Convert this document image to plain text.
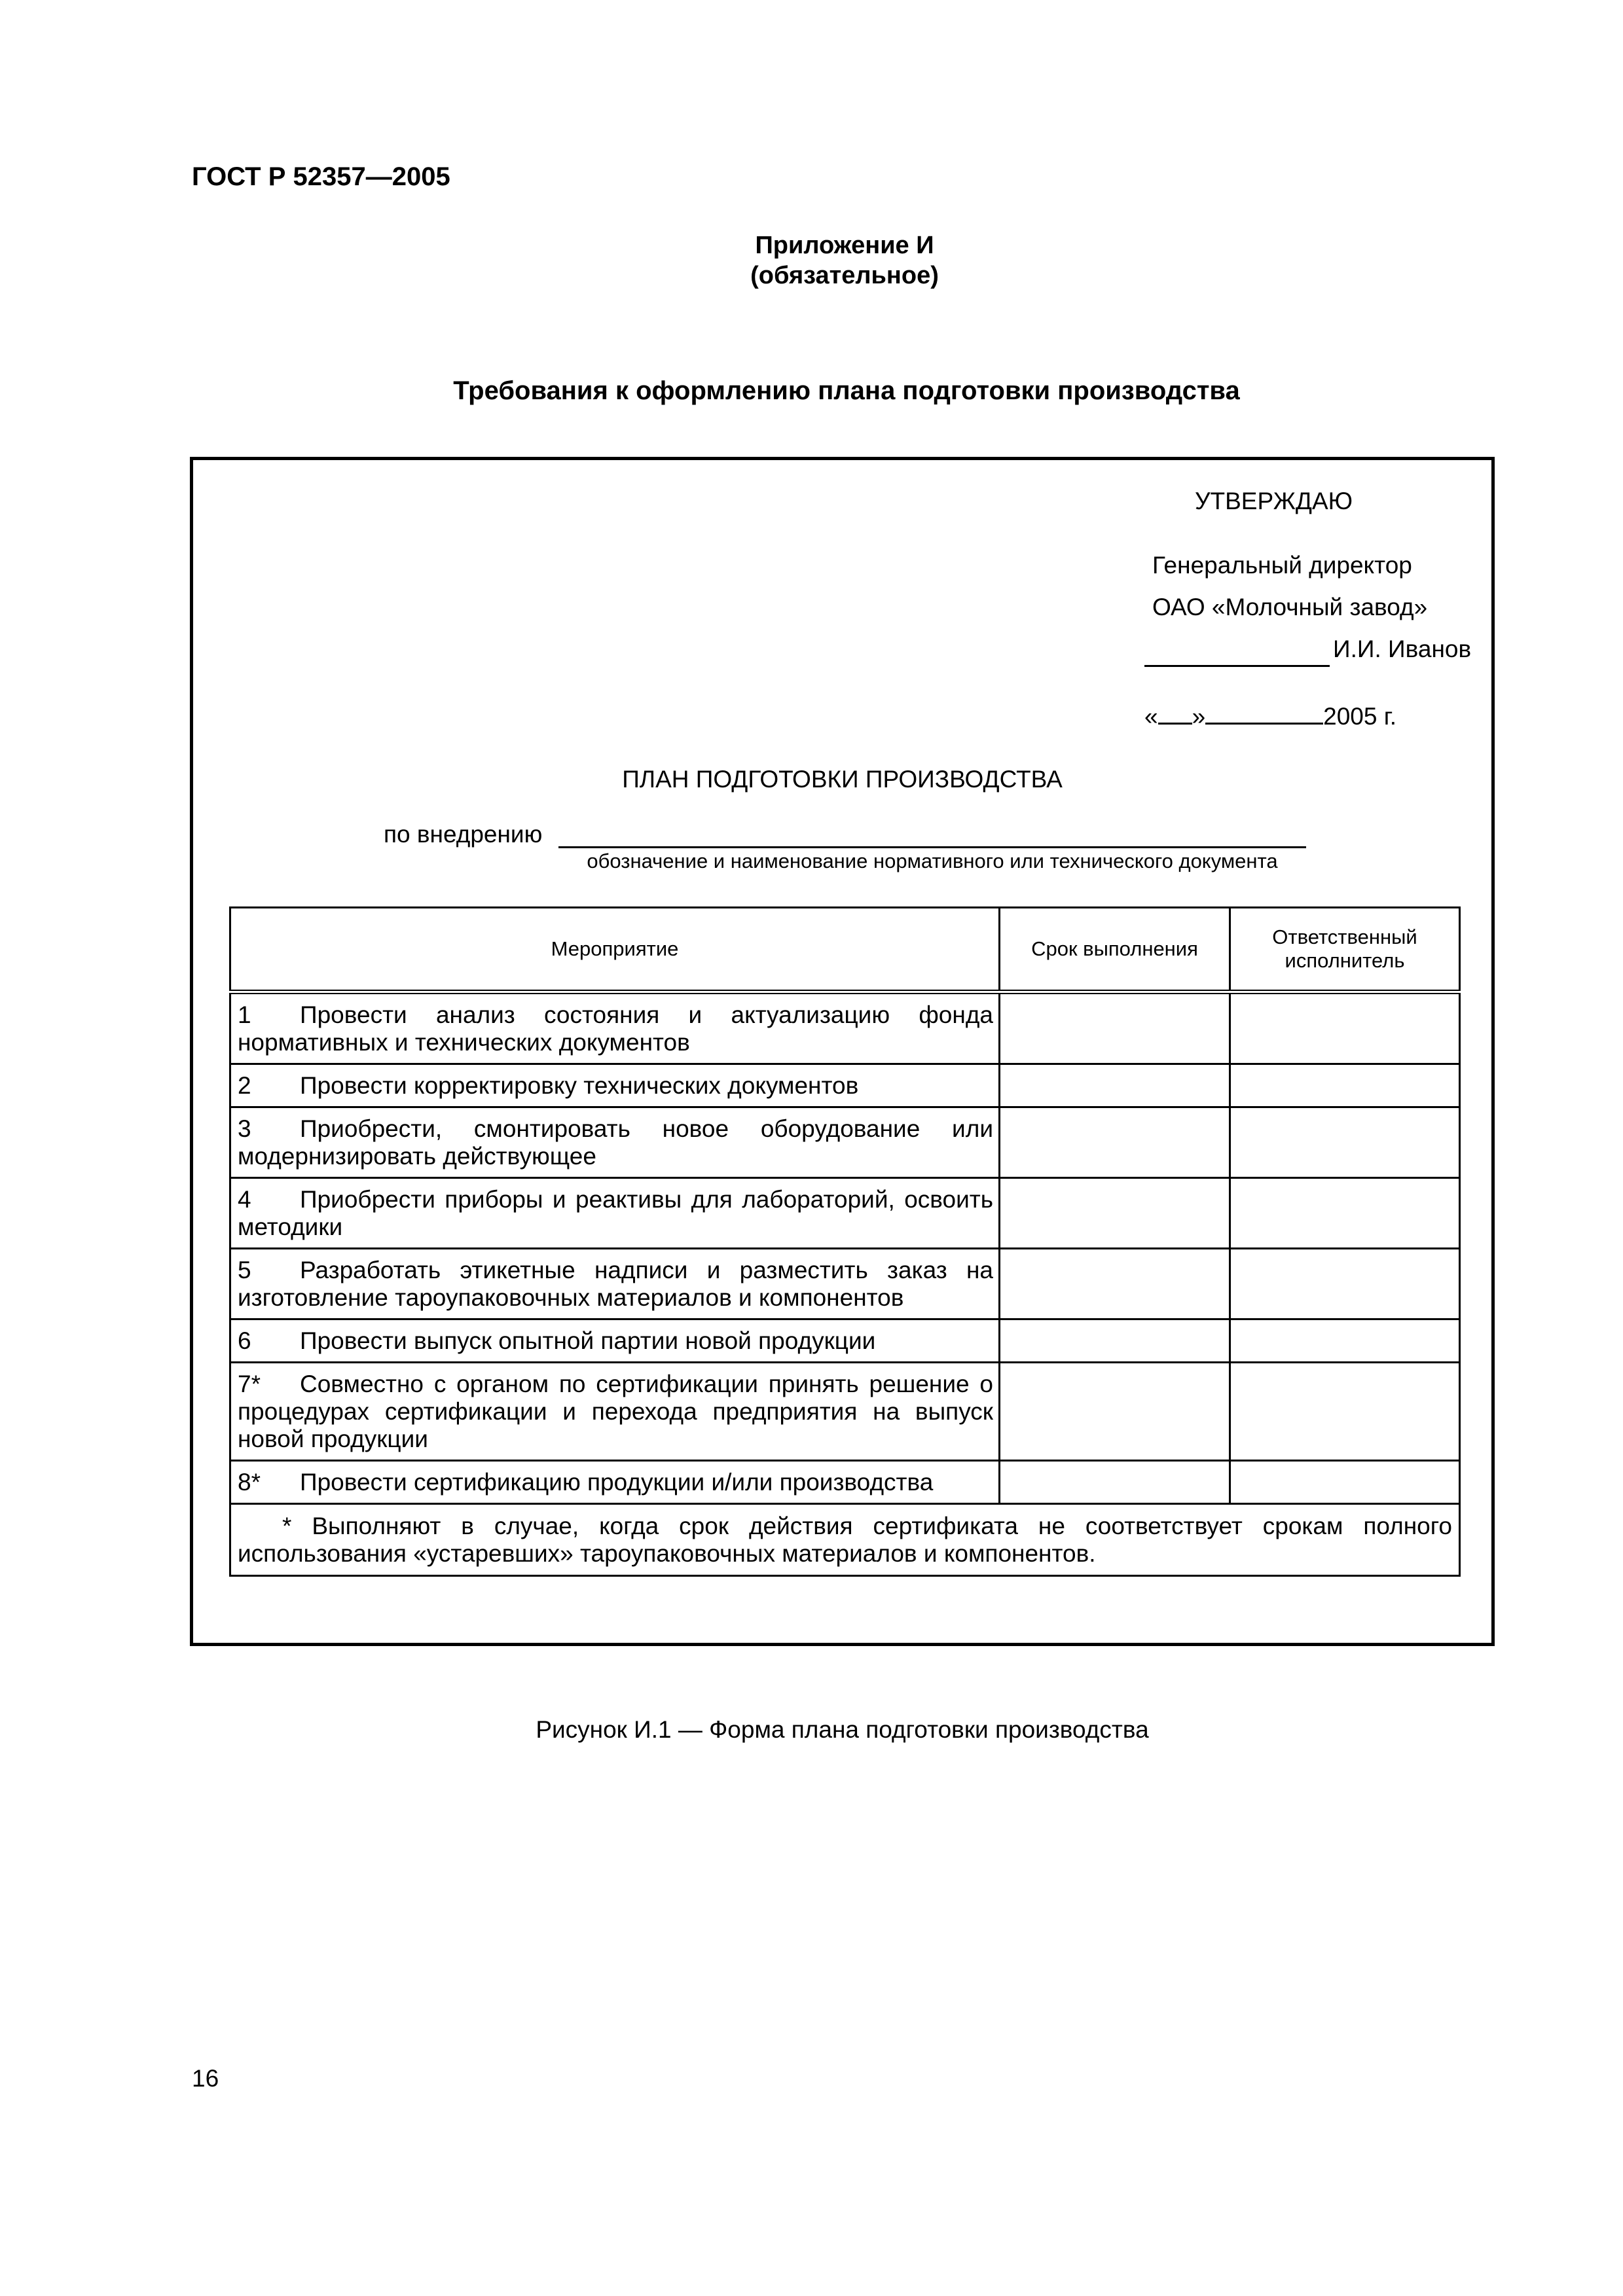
ГОСТ Р 52357—2005
Приложение И
(обязательное)
Требования к оформлению плана подготовки производства
УТВЕРЖДАЮ
Генеральный директор
ОАО «Молочный завод»
И.И. Иванов
« »	2005 г.
ПЛАН ПОДГОТОВКИ ПРОИЗВОДСТВА
по внедрению
обозначение и наименование нормативного или технического документа
Мероприятие	Срок выполнения	Ответственный исполнитель
1 Провести анализ состояния и актуализацию фонда нормативных и технических документов		
2 Провести корректировку технических документов		
3 Приобрести, смонтировать новое оборудование или модернизировать действующее		
4 Приобрести приборы и реактивы для лабораторий, освоить методики		
5 Разработать этикетные надписи и разместить заказ на изготовление тароупаковочных материалов и компонентов		
6 Провести выпуск опытной партии новой продукции		
7* Совместно с органом по сертификации принять решение о процедурах сертификации и перехода предприятия на выпуск новой продукции		
8* Провести сертификацию продукции и/или производства		
* Выполняют в случае, когда срок действия сертификата не соответствует срокам полного использования «устаревших» тароупаковочных материалов и компонентов.		
Рисунок И.1 — Форма плана подготовки производства
16
